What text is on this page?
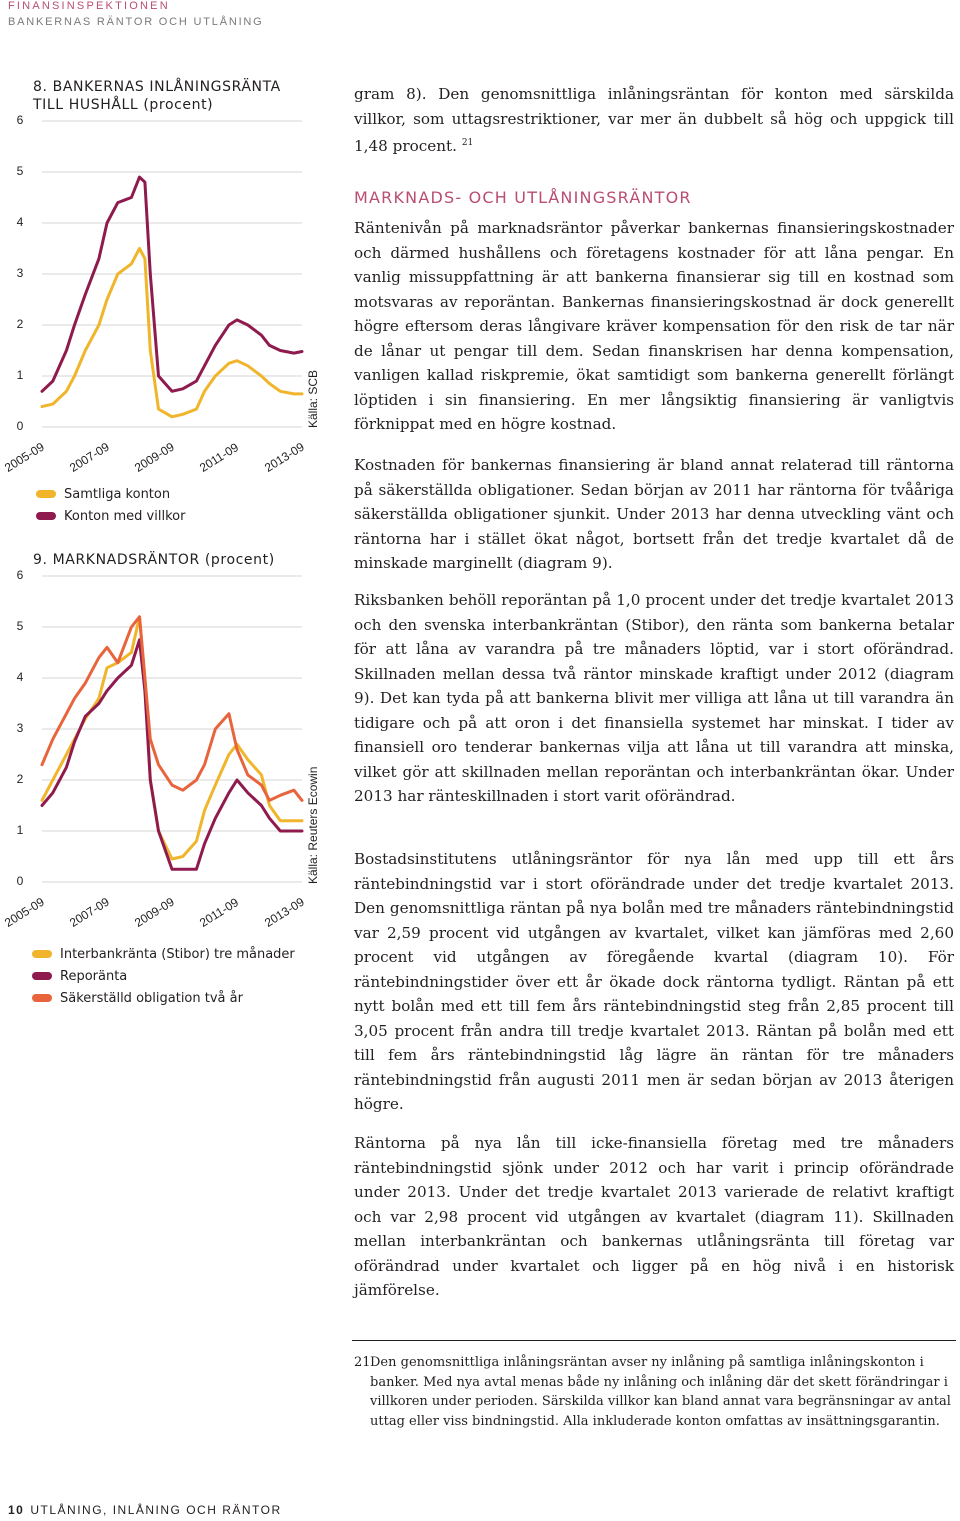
FINANSINSPEKTIONEN
BANKERNAS RÄNTOR OCH UTLÅNING
8. BANKERNAS INLÅNINGSRÄNTA
TILL HUSHÅLL (procent)
0
1
2
3
4
5
6
2005-09 2007-09 2009-09 2011-09 2013-09
Källa: SCB
Samtliga konton
Konton med villkor
9. MARKNADSRÄNTOR (procent)
0
1
2
3
4
5
6
2005-09 2007-09 2009-09 2011-09 2013-09
Källa: Reuters Ecowin
Interbankränta (Stibor) tre månader
Reporänta
Säkerställd obligation två år

gram 8). Den genomsnittliga inlåningsräntan för konton med särskilda villkor, som uttagsrestriktioner, var mer än dubbelt så hög och uppgick till 1,48 procent. $^{21}$

MARKNADS- OCH UTLÅNINGSRÄNTOR

Räntenivån på marknadsräntor påverkar bankernas finansieringskostnader och därmed hushållens och företagens kostnader för att låna pengar. En vanlig missuppfattning är att bankerna finansierar sig till en kostnad som motsvaras av reporäntan. Bankernas finansieringskostnad är dock generellt högre eftersom deras långivare kräver kompensation för den risk de tar när de lånar ut pengar till dem. Sedan finanskrisen har denna kompensation, vanligen kallad riskpremie, ökat samtidigt som bankerna generellt förlängt löptiden i sin finansiering. En mer långsiktig finansiering är vanligtvis förknippat med en högre kostnad.

Kostnaden för bankernas finansiering är bland annat relaterad till räntorna på säkerställda obligationer. Sedan början av 2011 har räntorna för tvååriga säkerställda obligationer sjunkit. Under 2013 har denna utveckling vänt och räntorna har i stället ökat något, bortsett från det tredje kvartalet då de minskade marginellt (diagram 9).

Riksbanken behöll reporäntan på 1,0 procent under det tredje kvartalet 2013 och den svenska interbankräntan (Stibor), den ränta som bankerna betalar för att låna av varandra på tre månaders löptid, var i stort oförändrad. Skillnaden mellan dessa två räntor minskade kraftigt under 2012 (diagram 9). Det kan tyda på att bankerna blivit mer villiga att låna ut till varandra än tidigare och på att oron i det finansiella systemet har minskat. I tider av finansiell oro tenderar bankernas vilja att låna ut till varandra att minska, vilket gör att skillnaden mellan reporäntan och interbankräntan ökar. Under 2013 har ränteskillnaden i stort varit oförändrad.

Bostadsinstitutens utlåningsräntor för nya lån med upp till ett års räntebindningstid var i stort oförändrade under det tredje kvartalet 2013. Den genomsnittliga räntan på nya bolån med tre månaders räntebindningstid var 2,59 procent vid utgången av kvartalet, vilket kan jämföras med 2,60 procent vid utgången av föregående kvartal (diagram 10). För räntebindningstider över ett år ökade dock räntorna tydligt. Räntan på ett nytt bolån med ett till fem års räntebindningstid steg från 2,85 procent till 3,05 procent från andra till tredje kvartalet 2013. Räntan på bolån med ett till fem års räntebindningstid låg lägre än räntan för tre månaders räntebindningstid från augusti 2011 men är sedan början av 2013 återigen högre.

Räntorna på nya lån till icke-finansiella företag med tre månaders räntebindningstid sjönk under 2012 och har varit i princip oförändrade under 2013. Under det tredje kvartalet 2013 varierade de relativt kraftigt och var 2,98 procent vid utgången av kvartalet (diagram 11). Skillnaden mellan interbankräntan och bankernas utlåningsränta till företag var oförändrad under kvartalet och ligger på en hög nivå i en historisk jämförelse.

21 Den genomsnittliga inlåningsräntan avser ny inlåning på samtliga inlåningskonton i banker. Med nya avtal menas både ny inlåning och inlåning där det skett förändringar i villkoren under perioden. Särskilda villkor kan bland annat vara begränsningar av antal uttag eller viss bindningstid. Alla inkluderade konton omfattas av insättningsgarantin.
10 UTLÅNING, INLÅNING OCH RÄNTOR
